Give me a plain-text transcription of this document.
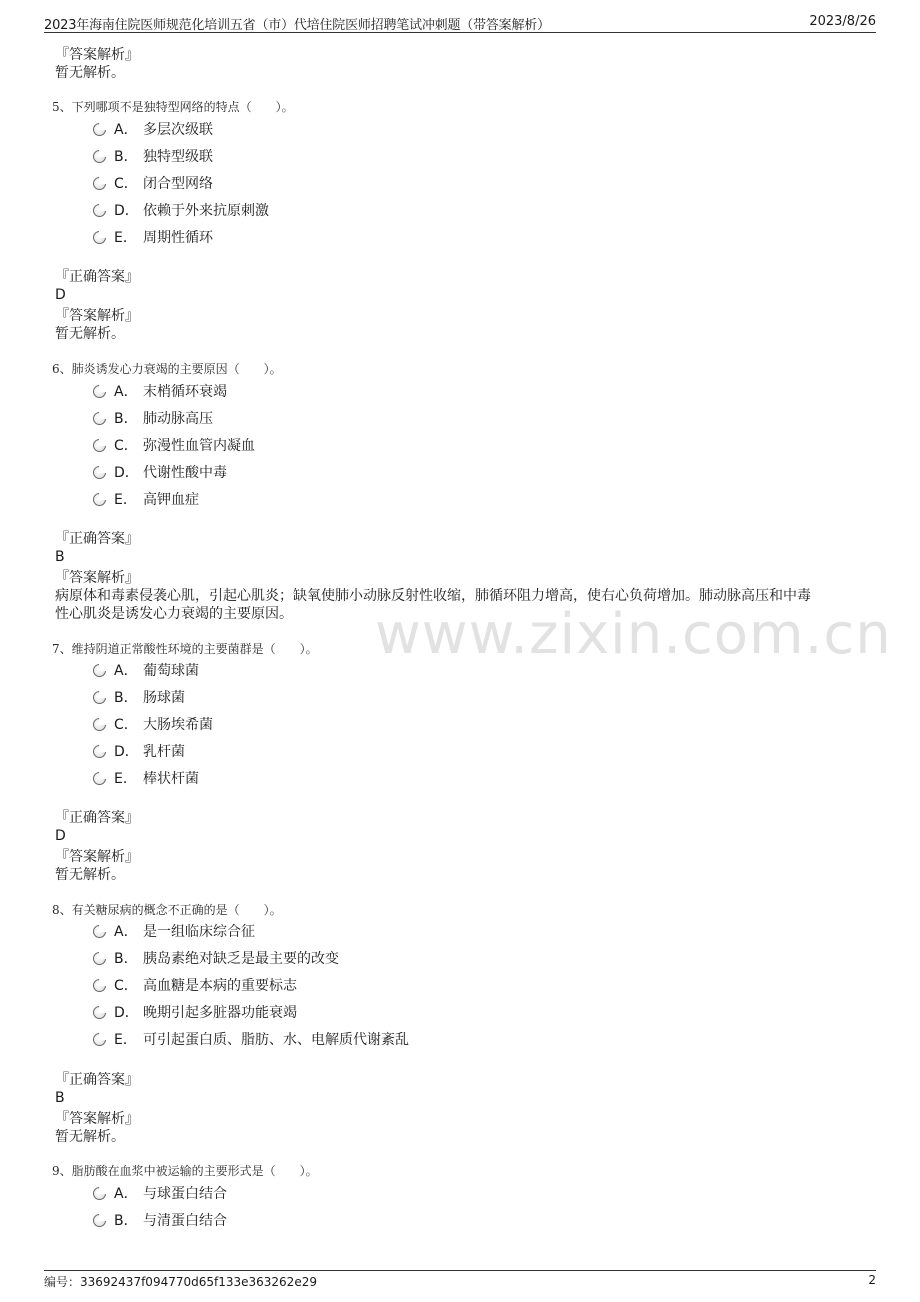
2023年海南住院医师规范化培训五省（市）代培住院医师招聘笔试冲刺题（带答案解析）	2023/8/26
www.zixin.com.cn
『答案解析』
暂无解析。
5、下列哪项不是独特型网络的特点（　　）。
A． 多层次级联
B． 独特型级联
C． 闭合型网络
D． 依赖于外来抗原刺激
E． 周期性循环
『正确答案』
D
『答案解析』
暂无解析。
6、肺炎诱发心力衰竭的主要原因（　　）。
A． 末梢循环衰竭
B． 肺动脉高压
C． 弥漫性血管内凝血
D． 代谢性酸中毒
E． 高钾血症
『正确答案』
B
『答案解析』
病原体和毒素侵袭心肌，引起心肌炎；缺氧使肺小动脉反射性收缩，肺循环阻力增高，使右心负荷增加。肺动脉高压和中毒
性心肌炎是诱发心力衰竭的主要原因。
7、维持阴道正常酸性环境的主要菌群是（　　）。
A． 葡萄球菌
B． 肠球菌
C． 大肠埃希菌
D． 乳杆菌
E． 棒状杆菌
『正确答案』
D
『答案解析』
暂无解析。
8、有关糖尿病的概念不正确的是（　　）。
A． 是一组临床综合征
B． 胰岛素绝对缺乏是最主要的改变
C． 高血糖是本病的重要标志
D． 晚期引起多脏器功能衰竭
E． 可引起蛋白质、脂肪、水、电解质代谢紊乱
『正确答案』
B
『答案解析』
暂无解析。
9、脂肪酸在血浆中被运输的主要形式是（　　）。
A． 与球蛋白结合
B． 与清蛋白结合
编号：33692437f094770d65f133e363262e29	2
